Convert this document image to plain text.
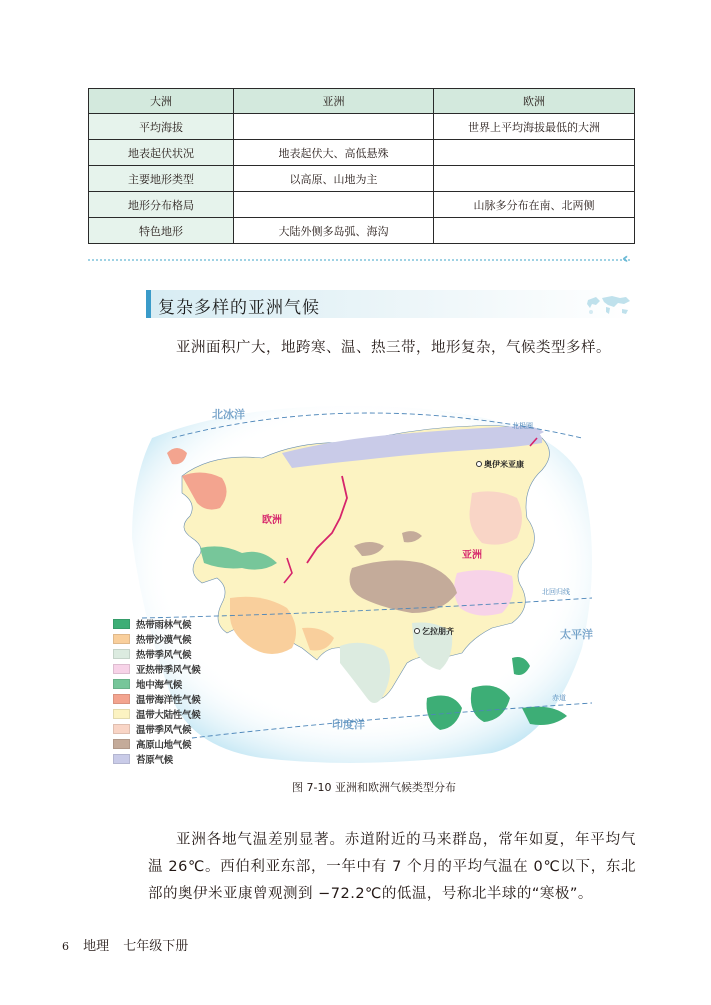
大洲	亚洲	欧洲
平均海拔		世界上平均海拔最低的大洲
地表起伏状况	地表起伏大、高低悬殊	
主要地形类型	以高原、山地为主	
地形分布格局		山脉多分布在南、北两侧
特色地形	大陆外侧多岛弧、海沟	
‹‹
复杂多样的亚洲气候
亚洲面积广大，地跨寒、温、热三带，地形复杂，气候类型多样。
奥伊米亚康
乞拉朋齐
北冰洋
太平洋
印度洋
亚洲
欧洲
北极圈
北回归线
赤道
热带雨林气候
热带沙漠气候
热带季风气候
亚热带季风气候
地中海气候
温带海洋性气候
温带大陆性气候
温带季风气候
高原山地气候
苔原气候
图 7-10 亚洲和欧洲气候类型分布
亚洲各地气温差别显著。赤道附近的马来群岛，常年如夏，年平均气温 26℃。西伯利亚东部，一年中有 7 个月的平均气温在 0℃以下，东北部的奥伊米亚康曾观测到 −72.2℃的低温，号称北半球的“寒极”。
6 地理 七年级下册
